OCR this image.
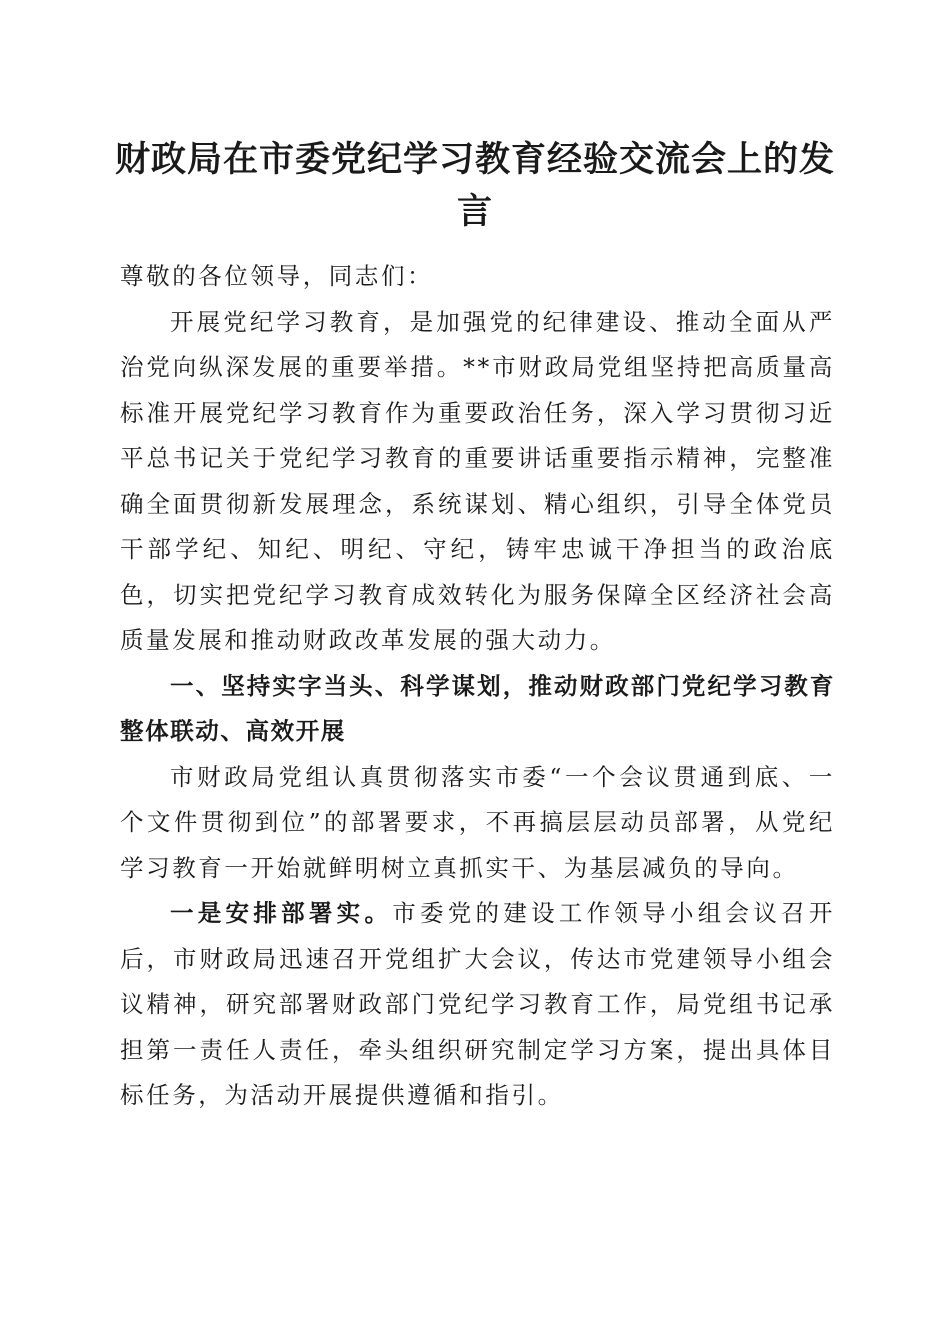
财政局在市委党纪学习教育经验交流会上的发言

尊敬的各位领导，同志们：

开展党纪学习教育，是加强党的纪律建设、推动全面从严治党向纵深发展的重要举措。**市财政局党组坚持把高质量高标准开展党纪学习教育作为重要政治任务，深入学习贯彻习近平总书记关于党纪学习教育的重要讲话重要指示精神，完整准确全面贯彻新发展理念，系统谋划、精心组织，引导全体党员干部学纪、知纪、明纪、守纪，铸牢忠诚干净担当的政治底色，切实把党纪学习教育成效转化为服务保障全区经济社会高质量发展和推动财政改革发展的强大动力。

一、坚持实字当头、科学谋划，推动财政部门党纪学习教育整体联动、高效开展

市财政局党组认真贯彻落实市委“一个会议贯通到底、一个文件贯彻到位”的部署要求，不再搞层层动员部署，从党纪学习教育一开始就鲜明树立真抓实干、为基层减负的导向。

一是安排部署实。市委党的建设工作领导小组会议召开后，市财政局迅速召开党组扩大会议，传达市党建领导小组会议精神，研究部署财政部门党纪学习教育工作，局党组书记承担第一责任人责任，牵头组织研究制定学习方案，提出具体目标任务，为活动开展提供遵循和指引。
